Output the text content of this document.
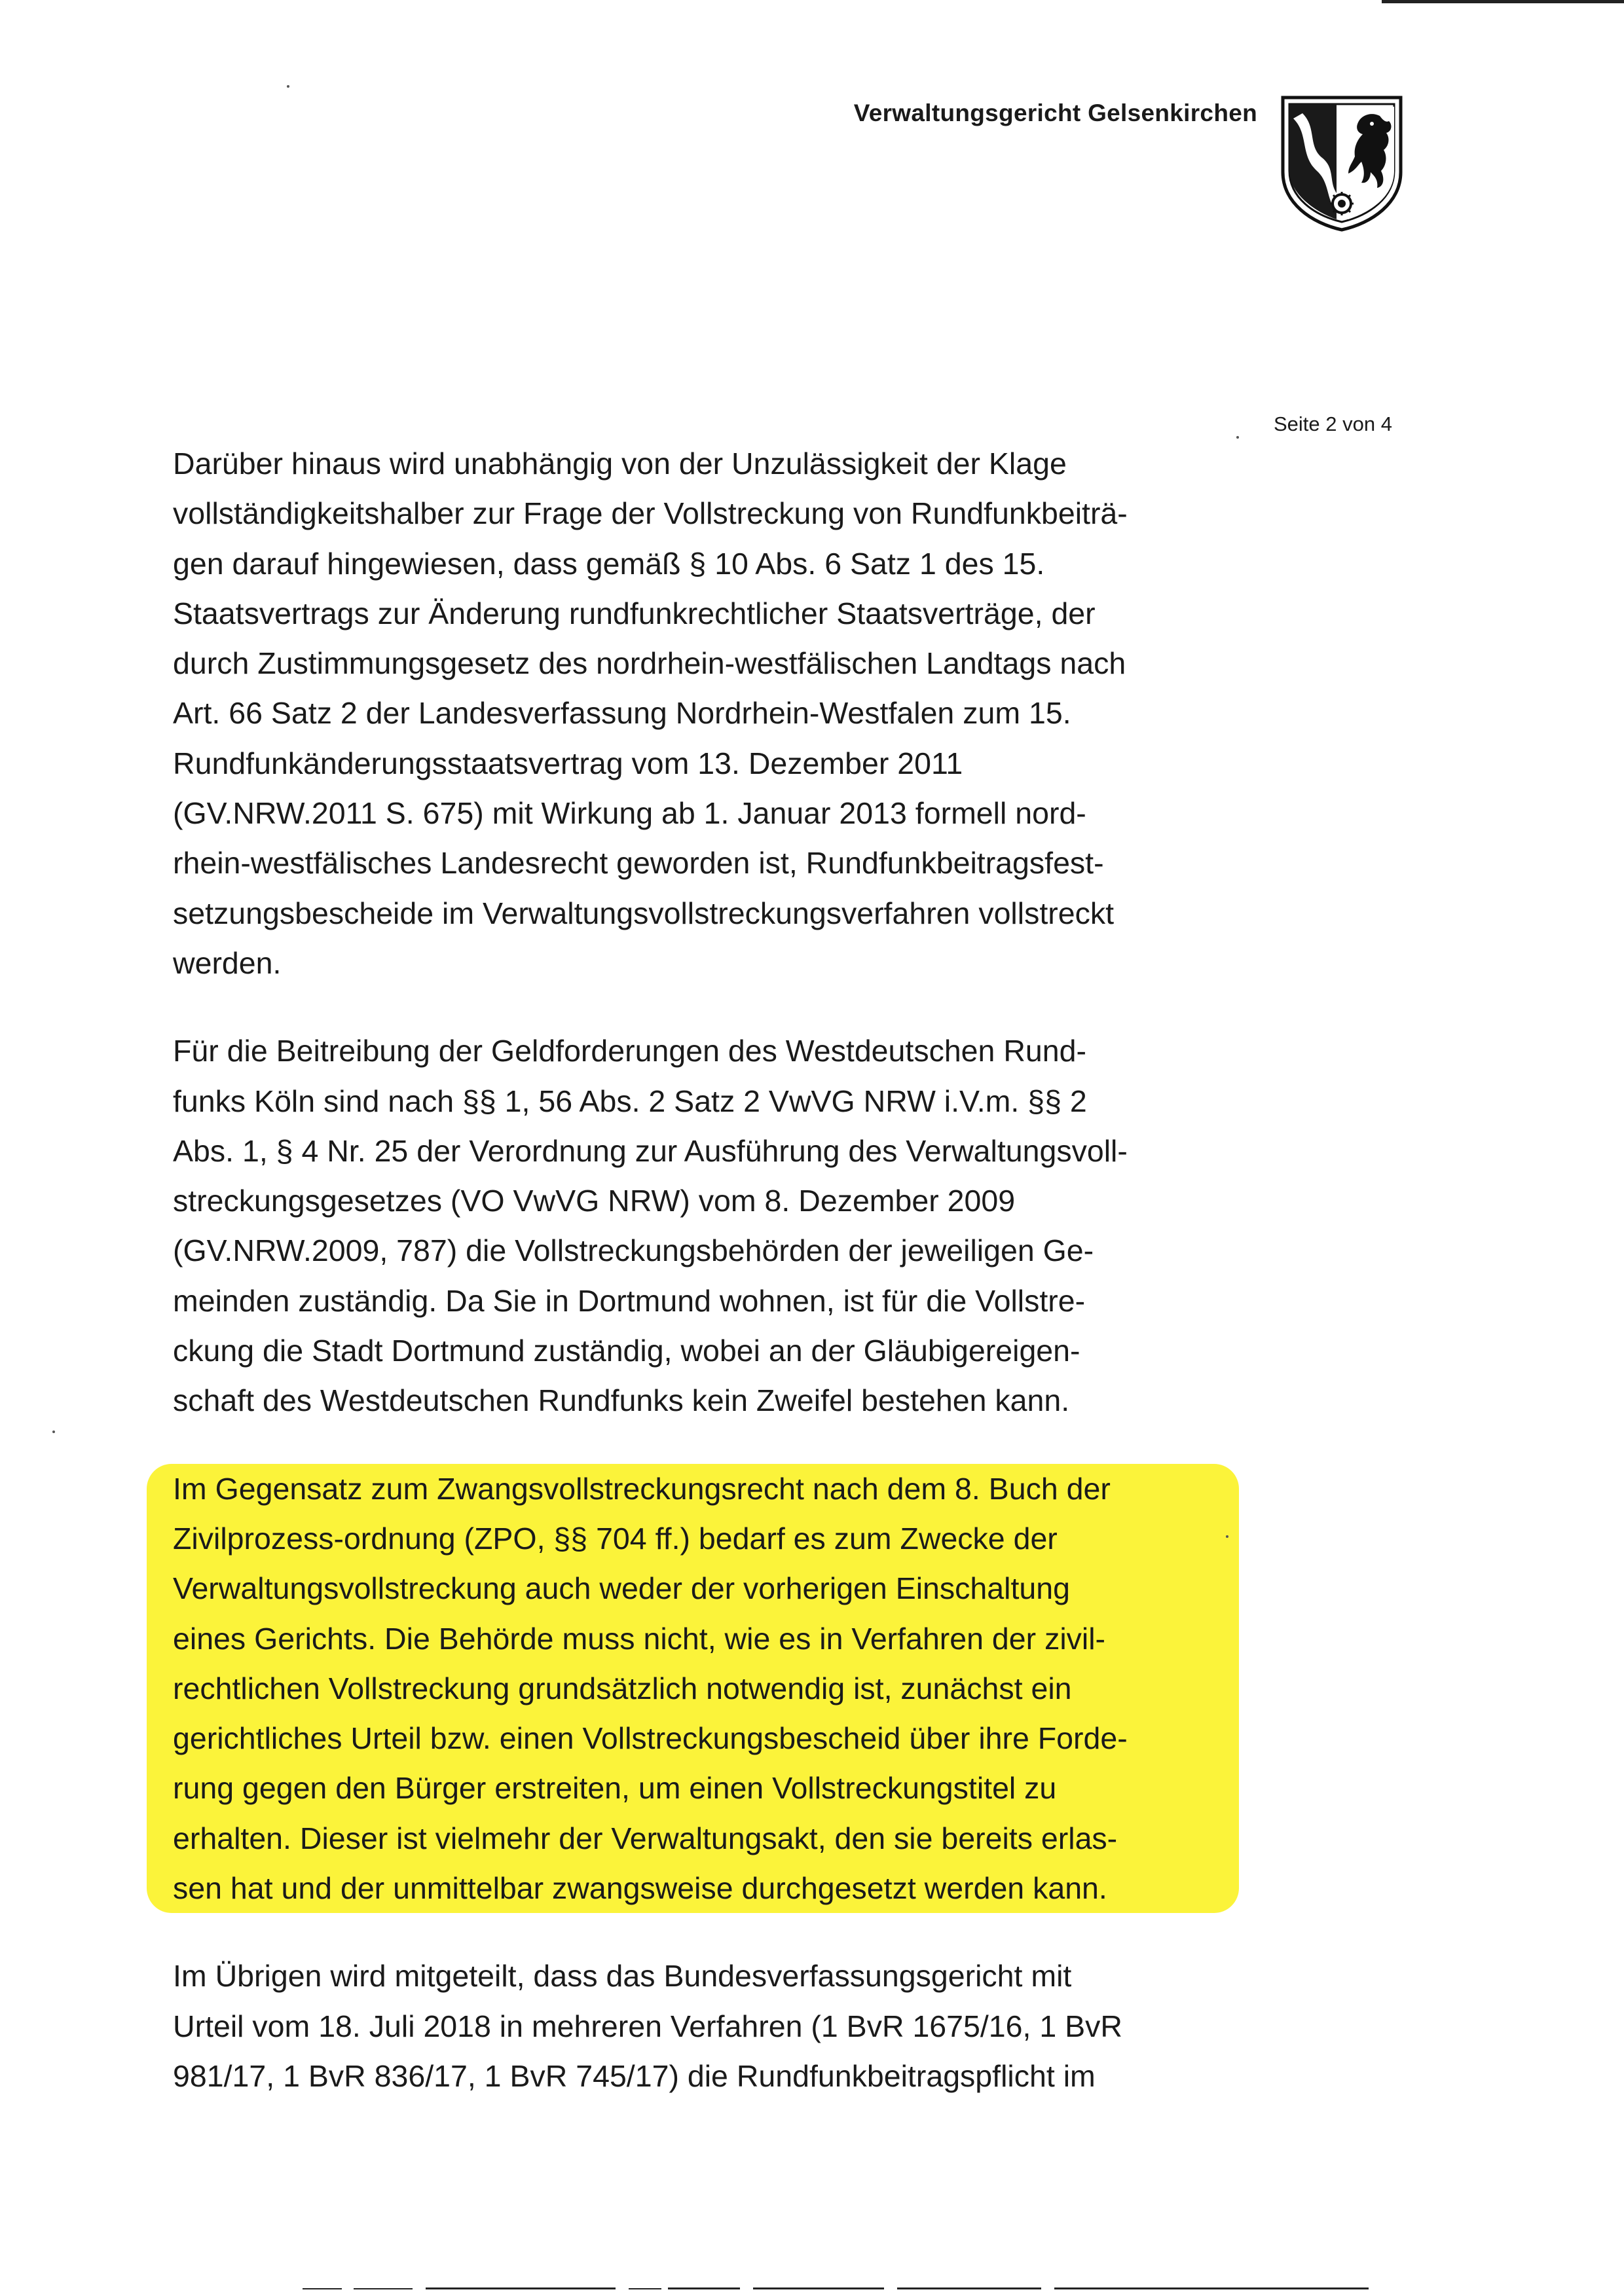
Verwaltungsgericht Gelsenkirchen
Seite 2 von 4

Darüber hinaus wird unabhängig von der Unzulässigkeit der Klage
vollständigkeitshalber zur Frage der Vollstreckung von Rundfunkbeiträ-
gen darauf hingewiesen, dass gemäß § 10 Abs. 6 Satz 1 des 15.
Staatsvertrags zur Änderung rundfunkrechtlicher Staatsverträge, der
durch Zustimmungsgesetz des nordrhein-westfälischen Landtags nach
Art. 66 Satz 2 der Landesverfassung Nordrhein-Westfalen zum 15.
Rundfunkänderungsstaatsvertrag vom 13. Dezember 2011
(GV.NRW.2011 S. 675) mit Wirkung ab 1. Januar 2013 formell nord-
rhein-westfälisches Landesrecht geworden ist, Rundfunkbeitragsfest-
setzungsbescheide im Verwaltungsvollstreckungsverfahren vollstreckt
werden.

Für die Beitreibung der Geldforderungen des Westdeutschen Rund-
funks Köln sind nach §§ 1, 56 Abs. 2 Satz 2 VwVG NRW i.V.m. §§ 2
Abs. 1, § 4 Nr. 25 der Verordnung zur Ausführung des Verwaltungsvoll-
streckungsgesetzes (VO VwVG NRW) vom 8. Dezember 2009
(GV.NRW.2009, 787) die Vollstreckungsbehörden der jeweiligen Ge-
meinden zuständig. Da Sie in Dortmund wohnen, ist für die Vollstre-
ckung die Stadt Dortmund zuständig, wobei an der Gläubigereigen-
schaft des Westdeutschen Rundfunks kein Zweifel bestehen kann.

Im Gegensatz zum Zwangsvollstreckungsrecht nach dem 8. Buch der
Zivilprozess-ordnung (ZPO, §§ 704 ff.) bedarf es zum Zwecke der
Verwaltungsvollstreckung auch weder der vorherigen Einschaltung
eines Gerichts. Die Behörde muss nicht, wie es in Verfahren der zivil-
rechtlichen Vollstreckung grundsätzlich notwendig ist, zunächst ein
gerichtliches Urteil bzw. einen Vollstreckungsbescheid über ihre Forde-
rung gegen den Bürger erstreiten, um einen Vollstreckungstitel zu
erhalten. Dieser ist vielmehr der Verwaltungsakt, den sie bereits erlas-
sen hat und der unmittelbar zwangsweise durchgesetzt werden kann.

Im Übrigen wird mitgeteilt, dass das Bundesverfassungsgericht mit
Urteil vom 18. Juli 2018 in mehreren Verfahren (1 BvR 1675/16, 1 BvR
981/17, 1 BvR 836/17, 1 BvR 745/17) die Rundfunkbeitragspflicht im
